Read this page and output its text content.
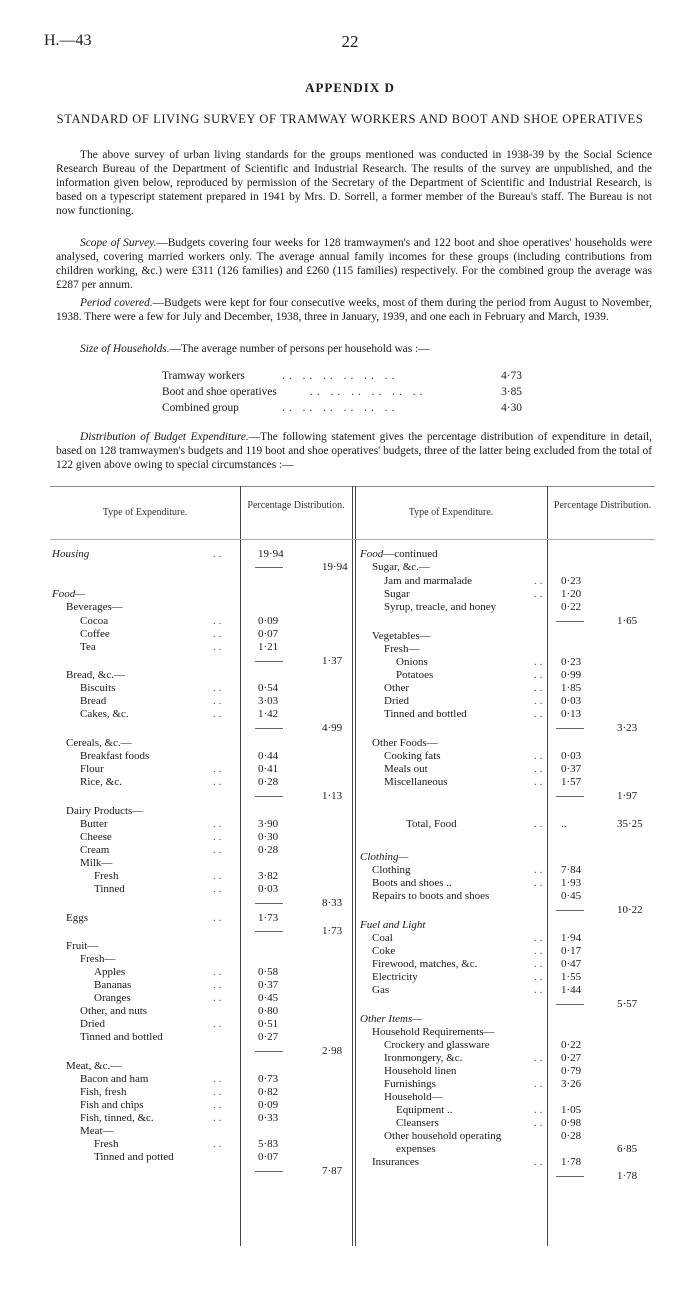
H.—43	22
APPENDIX D
STANDARD OF LIVING SURVEY OF TRAMWAY WORKERS AND BOOT AND SHOE OPERATIVES

The above survey of urban living standards for the groups mentioned was conducted in 1938-39 by the Social Science Research Bureau of the Department of Scientific and Industrial Research. The results of the survey are unpublished, and the information given below, reproduced by permission of the Secretary of the Department of Scientific and Industrial Research, is based on a typescript statement prepared in 1941 by Mrs. D. Sorrell, a former member of the Bureau's staff. The Bureau is not now functioning.

Scope of Survey.—Budgets covering four weeks for 128 tramwaymen's and 122 boot and shoe operatives' households were analysed, covering married workers only. The average annual family incomes for these groups (including contributions from children working, &c.) were £311 (126 families) and £260 (115 families) respectively. For the combined group the average was £287 per annum.

Period covered.—Budgets were kept for four consecutive weeks, most of them during the period from August to November, 1938. There were a few for July and December, 1938, three in January, 1939, and one each in February and March, 1939.

Size of Households.—The average number of persons per household was :—

Tramway workers	.. .. .. .. .. ..	4·73
Boot and shoe operatives	.. .. .. .. .. ..	3·85
Combined group	.. .. .. .. .. ..	4·30

Distribution of Budget Expenditure.—The following statement gives the percentage distribution of expenditure in detail, based on 128 tramwaymen's budgets and 119 boot and shoe operatives' budgets, three of the latter being excluded from the total of 122 given above owing to special circumstances :—

Type of Expenditure.
Percentage Distribution.
Type of Expenditure.
Percentage Distribution.
Housing	..	19·94
19·94
Food—
Beverages—
Cocoa	..	0·09
Coffee	..	0·07
Tea	..	1·21
1·37
Bread, &c.—
Biscuits	..	0·54
Bread	..	3·03
Cakes, &c.	..	1·42
4·99
Cereals, &c.—
Breakfast foods	0·44
Flour	..	0·41
Rice, &c.	..	0·28
1·13
Dairy Products—
Butter	..	3·90
Cheese	..	0·30
Cream	..	0·28
Milk—
Fresh	..	3·82
Tinned	..	0·03
8·33
Eggs	..	1·73
1·73
Fruit—
Fresh—
Apples	..	0·58
Bananas	..	0·37
Oranges	..	0·45
Other, and nuts	0·80
Dried	..	0·51
Tinned and bottled	0·27
2·98
Meat, &c.—
Bacon and ham	..	0·73
Fish, fresh	..	0·82
Fish and chips	..	0·09
Fish, tinned, &c.	..	0·33
Meat—
Fresh	..	5·83
Tinned and potted	0·07
7·87
Food—continued
Sugar, &c.—
Jam and marmalade	.. 0·23
Sugar	.. 1·20
Syrup, treacle, and honey	0·22
1·65
Vegetables—
Fresh—
Onions	.. 0·23
Potatoes	.. 0·99
Other	.. 1·85
Dried	.. 0·03
Tinned and bottled	.. 0·13
3·23
Other Foods—
Cooking fats	.. 0·03
Meals out	.. 0·37
Miscellaneous	.. 1·57
1·97
Total, Food	.. ..	35·25
Clothing—
Clothing	.. 7·84
Boots and shoes ..	.. 1·93
Repairs to boots and shoes	0·45
10·22
Fuel and Light
Coal	.. 1·94
Coke	.. 0·17
Firewood, matches, &c.	.. 0·47
Electricity	.. 1·55
Gas	.. 1·44
5·57
Other Items—
Household Requirements—
Crockery and glassware	0·22
Ironmongery, &c.	.. 0·27
Household linen	0·79
Furnishings	.. 3·26
Household—
Equipment ..	.. 1·05
Cleansers	.. 0·98
Other household operating	0·28
expenses	6·85
Insurances	.. 1·78
1·78
